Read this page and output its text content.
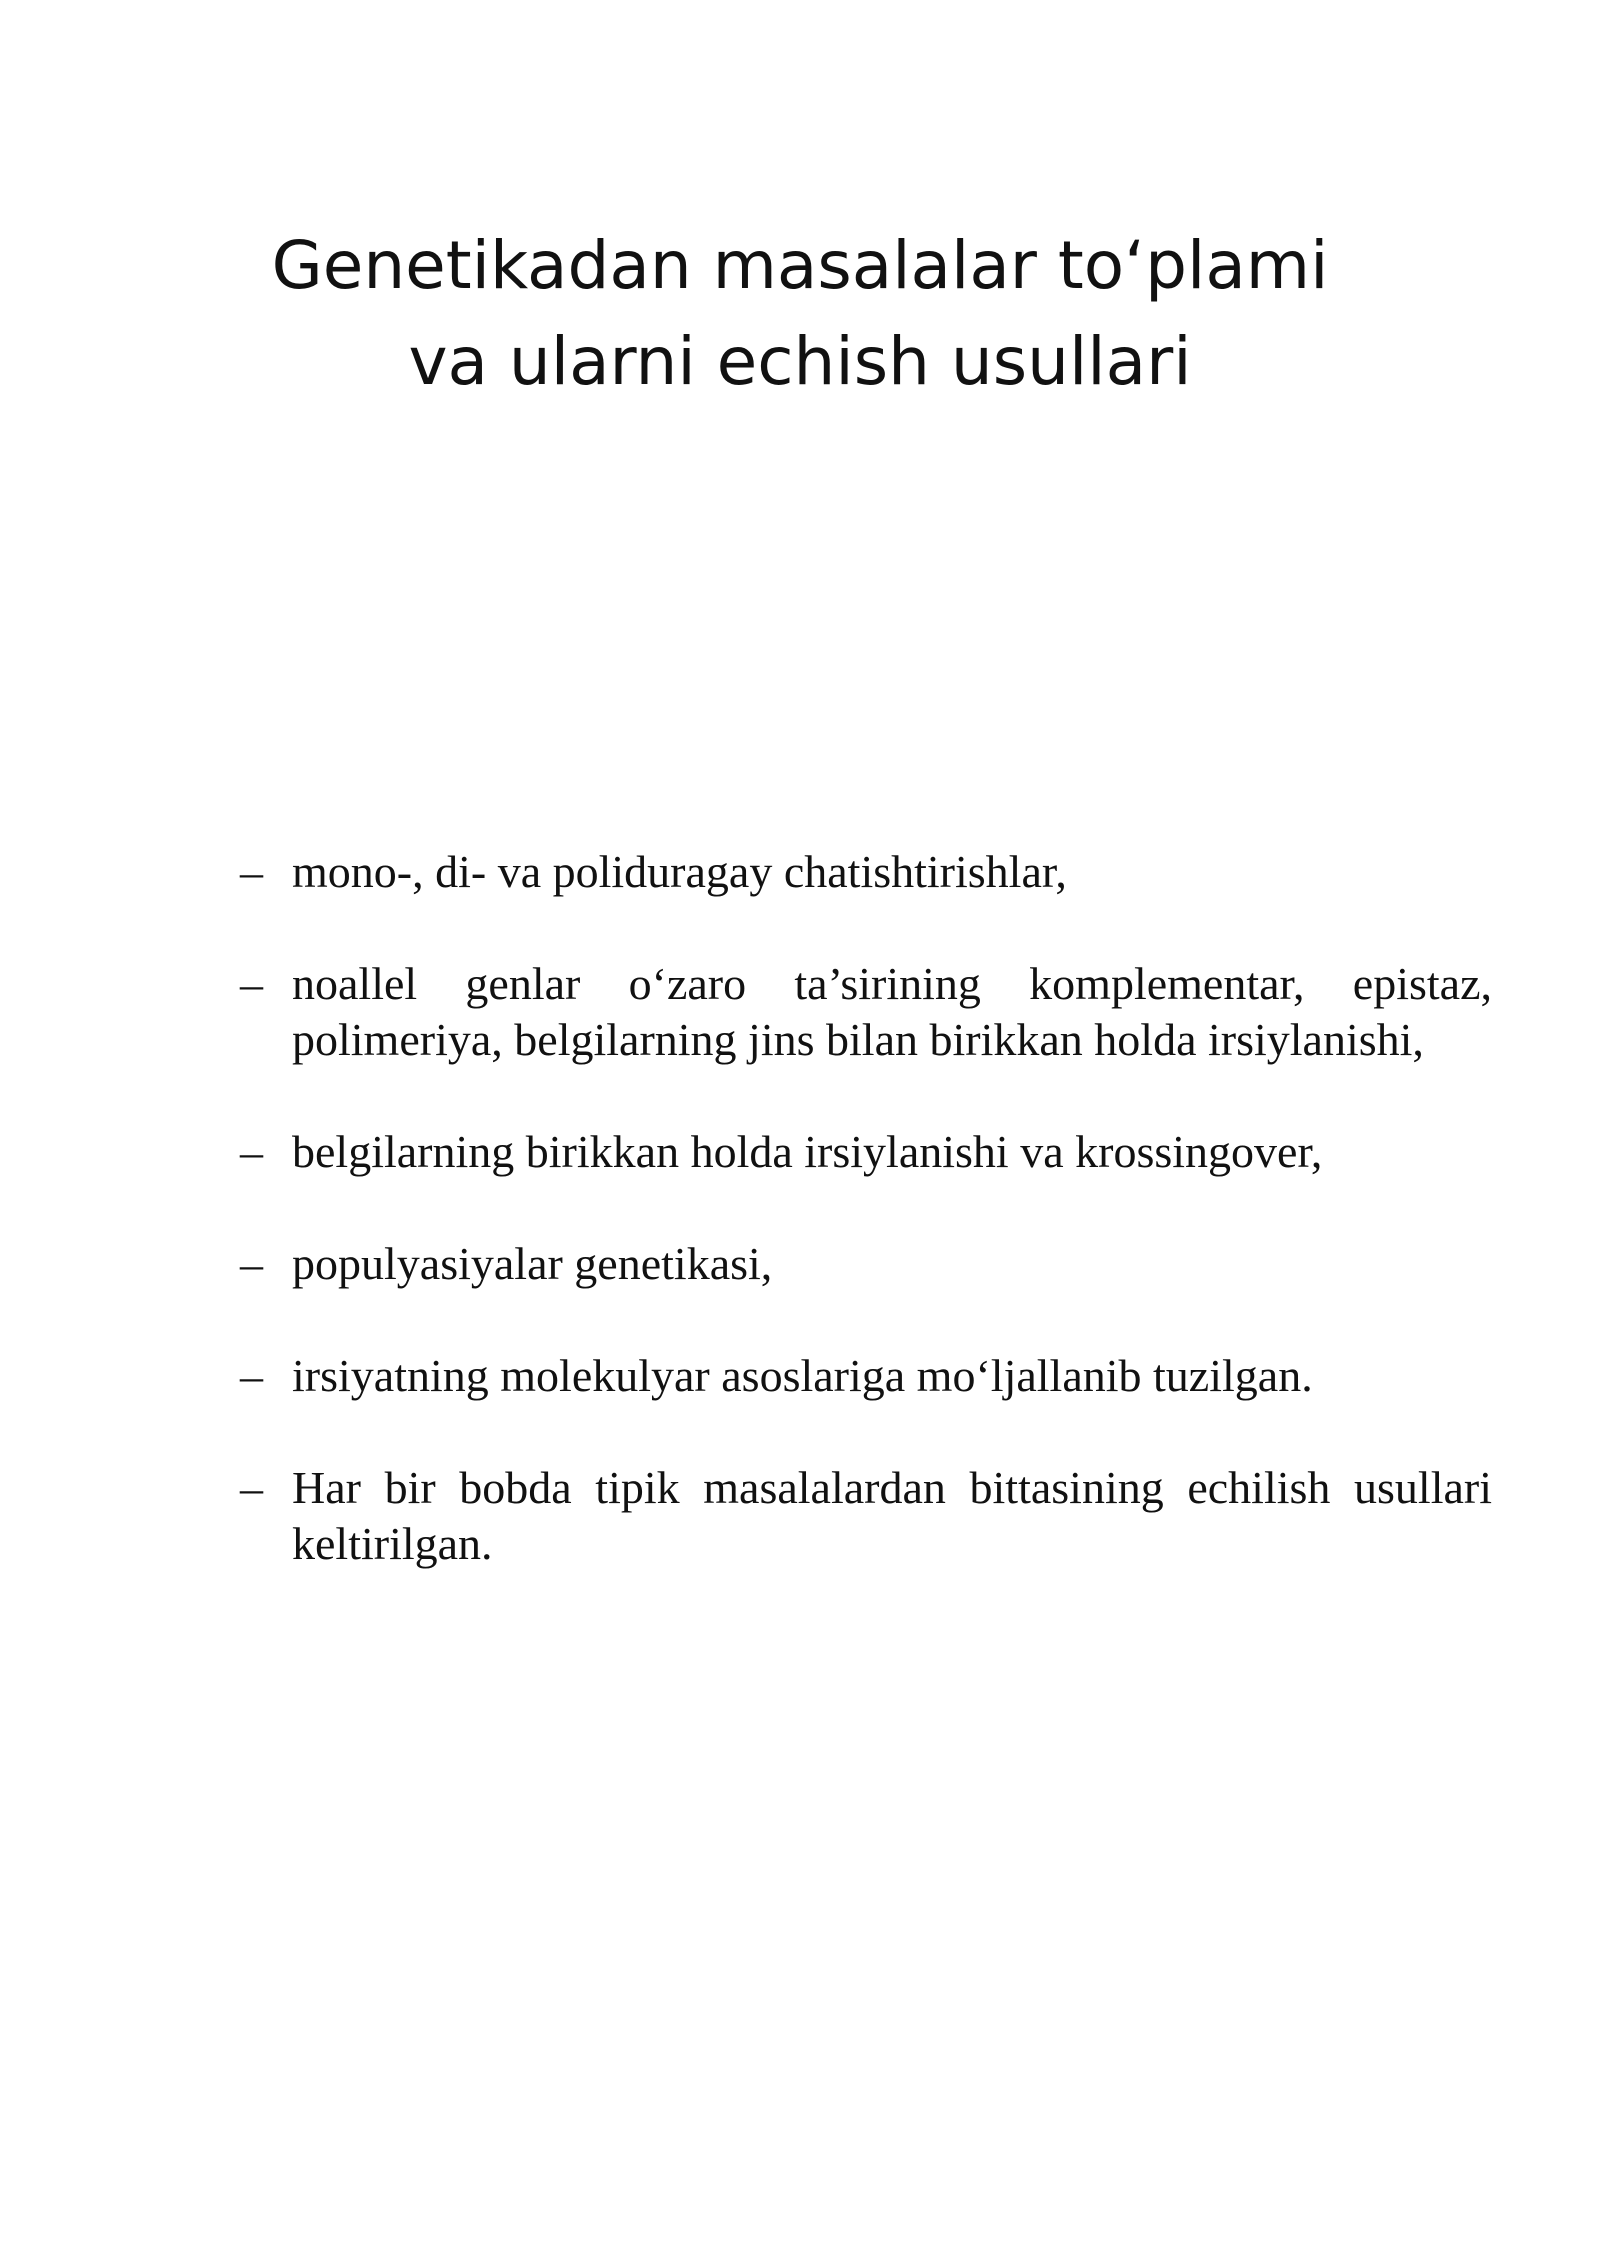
Genetikadan masalalar to‘plami
va ularni echish usullari
– mono-, di- va poliduragay chatishtirishlar,
– noallel genlar o‘zaro ta’sirining komplementar, epistaz, polimeriya, belgilarning jins bilan birikkan holda irsiylanishi,
– belgilarning birikkan holda irsiylanishi va krossingover,
– populyasiyalar genetikasi,
– irsiyatning molekulyar asoslariga mo‘ljallanib tuzilgan.
– Har bir bobda tipik masalalardan bittasining echilish usullari keltirilgan.
